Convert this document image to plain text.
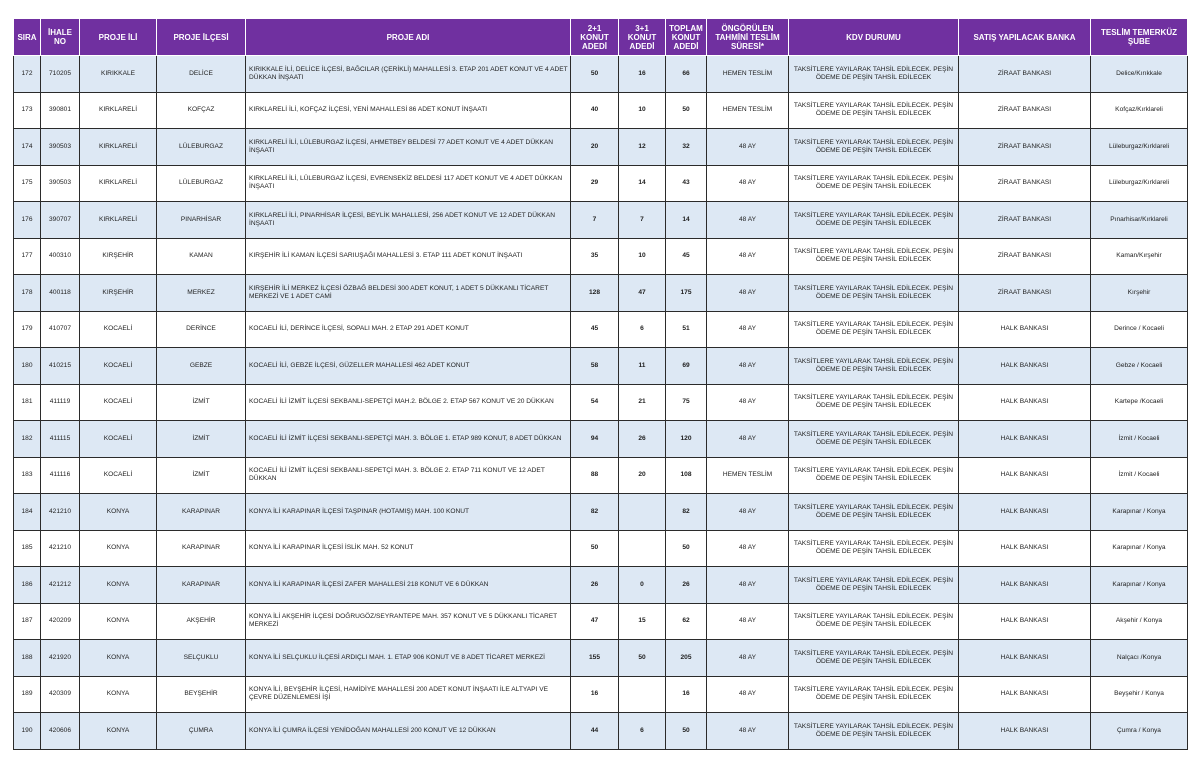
SIRA	İHALE NO	PROJE İLİ	PROJE İLÇESİ	PROJE ADI	2+1 KONUT ADEDİ	3+1 KONUT ADEDİ	TOPLAM KONUT ADEDİ	ÖNGÖRÜLEN TAHMİNİ TESLİM SÜRESİ*	KDV DURUMU	SATIŞ YAPILACAK BANKA	TESLİM TEMERKÜZ ŞUBE
172	710205	KIRIKKALE	DELİCE	KIRIKKALE İLİ, DELİCE İLÇESİ, BAĞCILAR (ÇERİKLİ) MAHALLESİ 3. ETAP 201 ADET KONUT VE 4 ADET DÜKKAN İNŞAATI	50	16	66	HEMEN TESLİM	TAKSİTLERE YAYILARAK TAHSİL EDİLECEK. PEŞİN ÖDEME DE PEŞİN TAHSİL EDİLECEK	ZİRAAT BANKASI	Delice/Kırıkkale
173	390801	KIRKLARELİ	KOFÇAZ	KIRKLARELİ İLİ, KOFÇAZ İLÇESİ, YENİ MAHALLESİ 86 ADET KONUT İNŞAATI	40	10	50	HEMEN TESLİM	TAKSİTLERE YAYILARAK TAHSİL EDİLECEK. PEŞİN ÖDEME DE PEŞİN TAHSİL EDİLECEK	ZİRAAT BANKASI	Kofçaz/Kırklareli
174	390503	KIRKLARELİ	LÜLEBURGAZ	KIRKLARELİ İLİ, LÜLEBURGAZ İLÇESİ, AHMETBEY BELDESİ 77 ADET KONUT VE 4 ADET DÜKKAN İNŞAATI	20	12	32	48 AY	TAKSİTLERE YAYILARAK TAHSİL EDİLECEK. PEŞİN ÖDEME DE PEŞİN TAHSİL EDİLECEK	ZİRAAT BANKASI	Lüleburgaz/Kırklareli
175	390503	KIRKLARELİ	LÜLEBURGAZ	KIRKLARELİ İLİ, LÜLEBURGAZ İLÇESİ, EVRENSEKİZ BELDESİ 117 ADET KONUT VE 4 ADET DÜKKAN İNŞAATI	29	14	43	48 AY	TAKSİTLERE YAYILARAK TAHSİL EDİLECEK. PEŞİN ÖDEME DE PEŞİN TAHSİL EDİLECEK	ZİRAAT BANKASI	Lüleburgaz/Kırklareli
176	390707	KIRKLARELİ	PINARHİSAR	KIRKLARELİ İLİ, PINARHİSAR İLÇESİ, BEYLİK MAHALLESİ, 256 ADET KONUT VE 12 ADET DÜKKAN İNŞAATI	7	7	14	48 AY	TAKSİTLERE YAYILARAK TAHSİL EDİLECEK. PEŞİN ÖDEME DE PEŞİN TAHSİL EDİLECEK	ZİRAAT BANKASI	Pınarhisar/Kırklareli
177	400310	KIRŞEHİR	KAMAN	KIRŞEHİR İLİ KAMAN İLÇESİ SARIUŞAĞI MAHALLESİ 3. ETAP 111 ADET KONUT İNŞAATI	35	10	45	48 AY	TAKSİTLERE YAYILARAK TAHSİL EDİLECEK. PEŞİN ÖDEME DE PEŞİN TAHSİL EDİLECEK	ZİRAAT BANKASI	Kaman/Kırşehir
178	400118	KIRŞEHİR	MERKEZ	KIRŞEHİR İLİ MERKEZ İLÇESİ ÖZBAĞ BELDESİ 300 ADET KONUT, 1 ADET 5 DÜKKANLI TİCARET MERKEZİ VE 1 ADET CAMİ	128	47	175	48 AY	TAKSİTLERE YAYILARAK TAHSİL EDİLECEK. PEŞİN ÖDEME DE PEŞİN TAHSİL EDİLECEK	ZİRAAT BANKASI	Kırşehir
179	410707	KOCAELİ	DERİNCE	KOCAELİ İLİ, DERİNCE İLÇESİ, SOPALI MAH. 2 ETAP 291 ADET KONUT	45	6	51	48 AY	TAKSİTLERE YAYILARAK TAHSİL EDİLECEK. PEŞİN ÖDEME DE PEŞİN TAHSİL EDİLECEK	HALK BANKASI	Derince / Kocaeli
180	410215	KOCAELİ	GEBZE	KOCAELİ İLİ, GEBZE İLÇESİ, GÜZELLER MAHALLESİ 462 ADET KONUT	58	11	69	48 AY	TAKSİTLERE YAYILARAK TAHSİL EDİLECEK. PEŞİN ÖDEME DE PEŞİN TAHSİL EDİLECEK	HALK BANKASI	Gebze / Kocaeli
181	411119	KOCAELİ	İZMİT	KOCAELİ İLİ İZMİT İLÇESİ SEKBANLI-SEPETÇİ MAH.2. BÖLGE 2. ETAP 567 KONUT VE 20 DÜKKAN	54	21	75	48 AY	TAKSİTLERE YAYILARAK TAHSİL EDİLECEK. PEŞİN ÖDEME DE PEŞİN TAHSİL EDİLECEK	HALK BANKASI	Kartepe /Kocaeli
182	411115	KOCAELİ	İZMİT	KOCAELİ İLİ İZMİT İLÇESİ SEKBANLI-SEPETÇİ MAH. 3. BÖLGE 1. ETAP 989 KONUT, 8 ADET DÜKKAN	94	26	120	48 AY	TAKSİTLERE YAYILARAK TAHSİL EDİLECEK. PEŞİN ÖDEME DE PEŞİN TAHSİL EDİLECEK	HALK BANKASI	İzmit / Kocaeli
183	411116	KOCAELİ	İZMİT	KOCAELİ İLİ İZMİT İLÇESİ SEKBANLI-SEPETÇİ MAH. 3. BÖLGE 2. ETAP 711 KONUT VE 12 ADET DÜKKAN	88	20	108	HEMEN TESLİM	TAKSİTLERE YAYILARAK TAHSİL EDİLECEK. PEŞİN ÖDEME DE PEŞİN TAHSİL EDİLECEK	HALK BANKASI	İzmit / Kocaeli
184	421210	KONYA	KARAPINAR	KONYA İLİ KARAPINAR İLÇESİ TAŞPINAR (HOTAMIŞ) MAH. 100 KONUT	82		82	48 AY	TAKSİTLERE YAYILARAK TAHSİL EDİLECEK. PEŞİN ÖDEME DE PEŞİN TAHSİL EDİLECEK	HALK BANKASI	Karapınar / Konya
185	421210	KONYA	KARAPINAR	KONYA İLİ KARAPINAR İLÇESİ İSLİK MAH. 52 KONUT	50		50	48 AY	TAKSİTLERE YAYILARAK TAHSİL EDİLECEK. PEŞİN ÖDEME DE PEŞİN TAHSİL EDİLECEK	HALK BANKASI	Karapınar / Konya
186	421212	KONYA	KARAPINAR	KONYA İLİ KARAPINAR İLÇESİ ZAFER MAHALLESİ 218 KONUT VE 6 DÜKKAN	26	0	26	48 AY	TAKSİTLERE YAYILARAK TAHSİL EDİLECEK. PEŞİN ÖDEME DE PEŞİN TAHSİL EDİLECEK	HALK BANKASI	Karapınar / Konya
187	420209	KONYA	AKŞEHİR	KONYA İLİ AKŞEHİR İLÇESİ DOĞRUGÖZ/SEYRANTEPE MAH. 357 KONUT VE 5 DÜKKANLI TİCARET MERKEZİ	47	15	62	48 AY	TAKSİTLERE YAYILARAK TAHSİL EDİLECEK. PEŞİN ÖDEME DE PEŞİN TAHSİL EDİLECEK	HALK BANKASI	Akşehir / Konya
188	421920	KONYA	SELÇUKLU	KONYA İLİ SELÇUKLU İLÇESİ ARDIÇLI MAH. 1. ETAP 906 KONUT VE 8 ADET TİCARET MERKEZİ	155	50	205	48 AY	TAKSİTLERE YAYILARAK TAHSİL EDİLECEK. PEŞİN ÖDEME DE PEŞİN TAHSİL EDİLECEK	HALK BANKASI	Nalçacı /Konya
189	420309	KONYA	BEYŞEHİR	KONYA İLİ, BEYŞEHİR İLÇESİ, HAMİDİYE MAHALLESİ 200 ADET KONUT İNŞAATI İLE ALTYAPI VE ÇEVRE DÜZENLEMESİ İŞİ	16		16	48 AY	TAKSİTLERE YAYILARAK TAHSİL EDİLECEK. PEŞİN ÖDEME DE PEŞİN TAHSİL EDİLECEK	HALK BANKASI	Beyşehir / Konya
190	420606	KONYA	ÇUMRA	KONYA İLİ ÇUMRA İLÇESİ YENİDOĞAN MAHALLESİ 200 KONUT VE 12 DÜKKAN	44	6	50	48 AY	TAKSİTLERE YAYILARAK TAHSİL EDİLECEK. PEŞİN ÖDEME DE PEŞİN TAHSİL EDİLECEK	HALK BANKASI	Çumra / Konya
